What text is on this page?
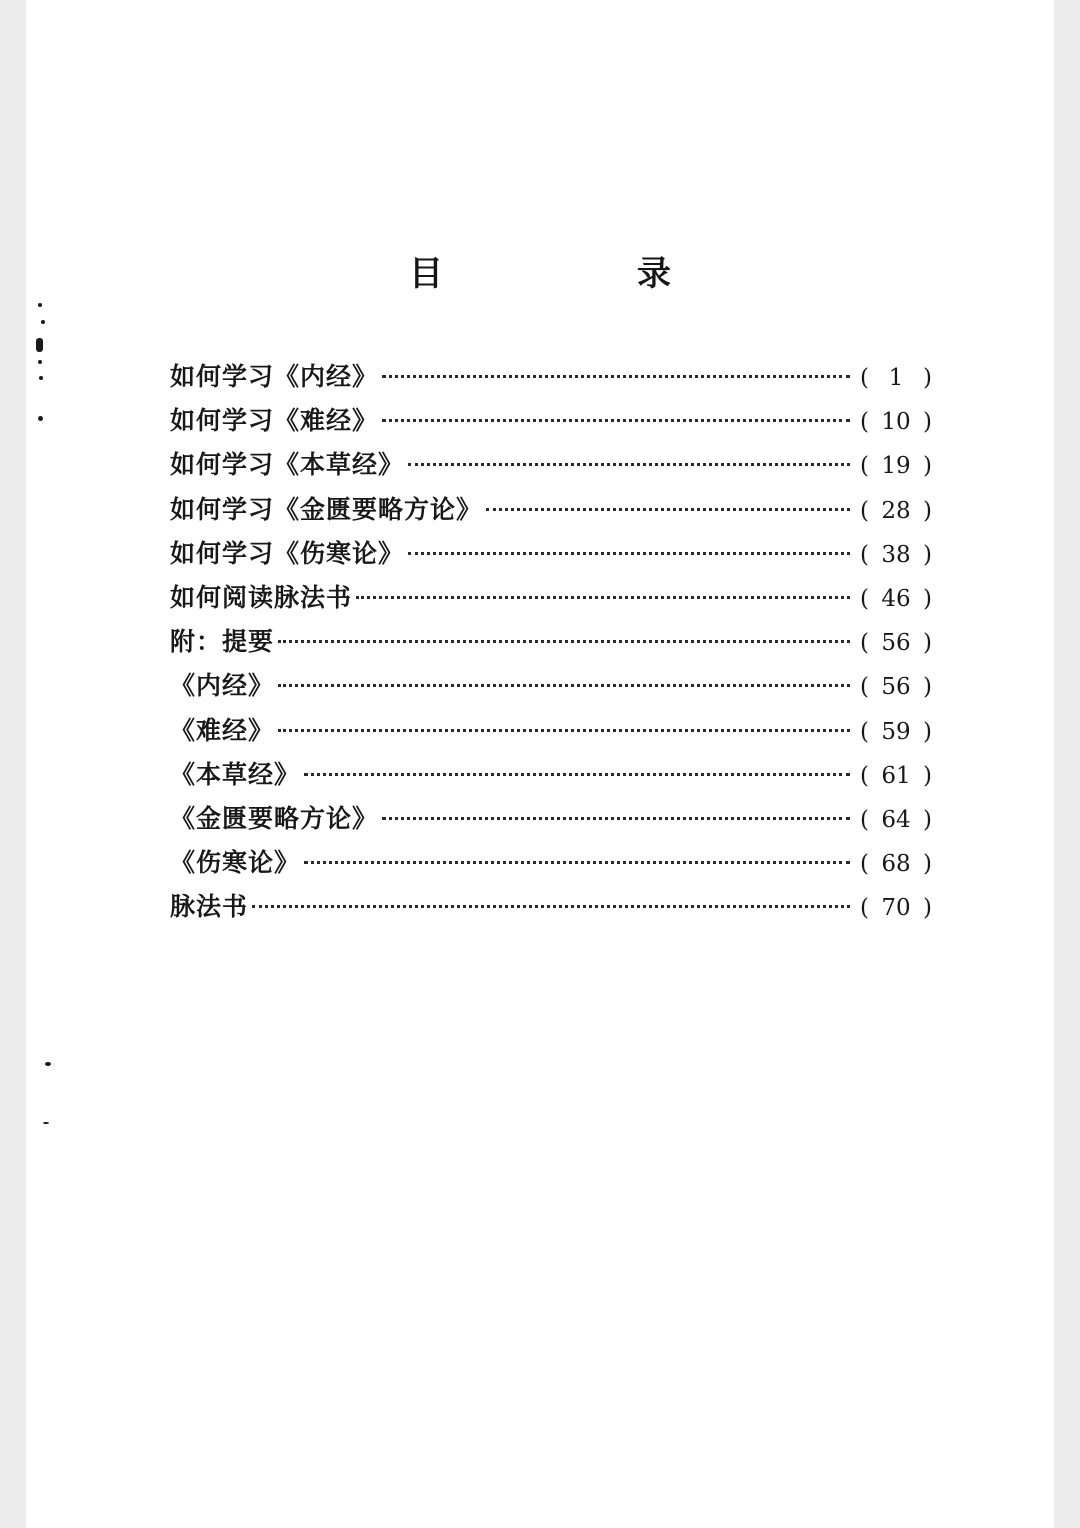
目　录
如何学习《内经》	( 1 )
如何学习《难经》	( 10 )
如何学习《本草经》	( 19 )
如何学习《金匮要略方论》	( 28 )
如何学习《伤寒论》	( 38 )
如何阅读脉法书	( 46 )
附：提要	( 56 )
《内经》	( 56 )
《难经》	( 59 )
《本草经》	( 61 )
《金匮要略方论》	( 64 )
《伤寒论》	( 68 )
脉法书	( 70 )
